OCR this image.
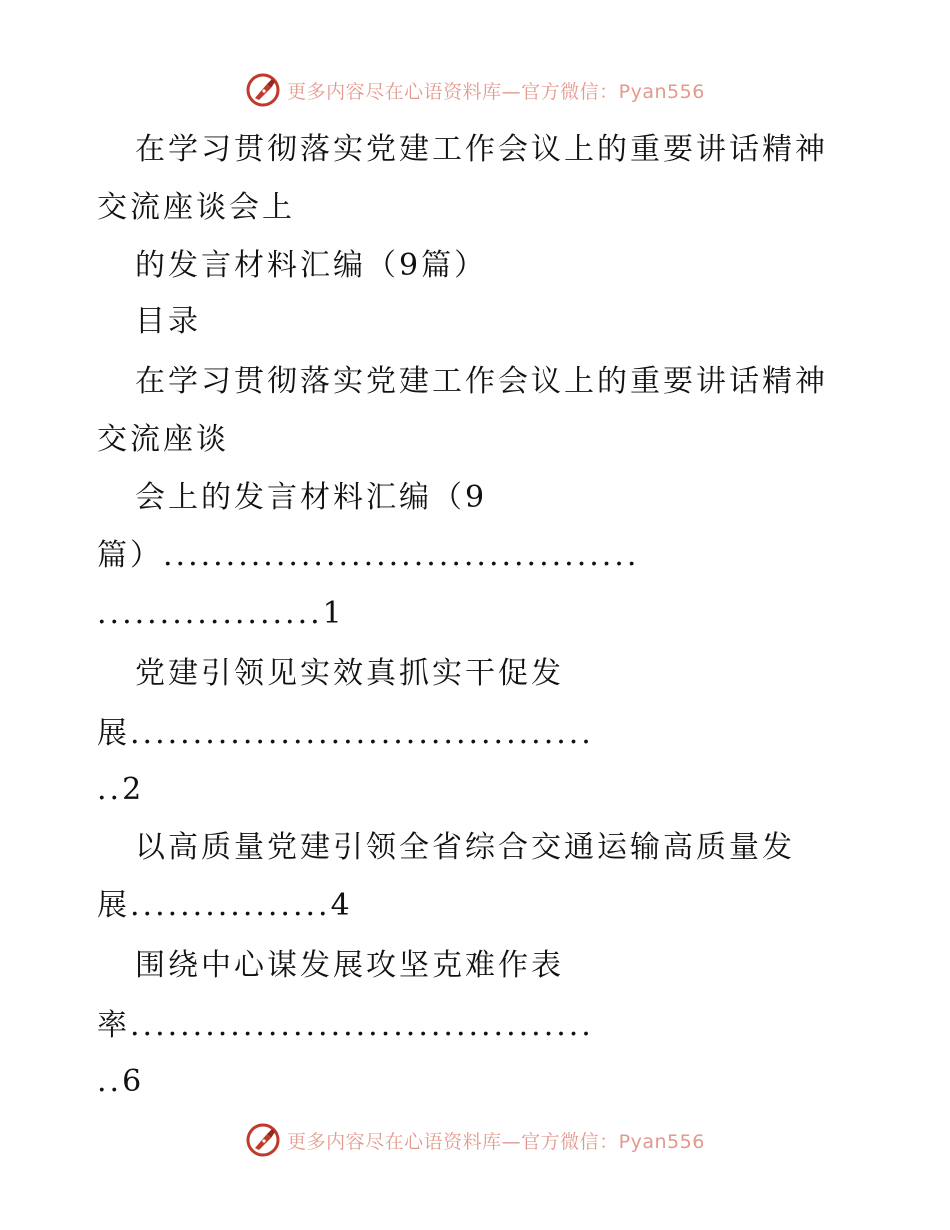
更多内容尽在心语资料库—官方微信：Pyan556
在学习贯彻落实党建工作会议上的重要讲话精神
交流座谈会上
的发言材料汇编（9篇）
目录
在学习贯彻落实党建工作会议上的重要讲话精神
交流座谈
会上的发言材料汇编（9
篇）......................................
..................1
党建引领见实效真抓实干促发
展.....................................
..2
以高质量党建引领全省综合交通运输高质量发
展................4
围绕中心谋发展攻坚克难作表
率.....................................
..6
更多内容尽在心语资料库—官方微信：Pyan556
